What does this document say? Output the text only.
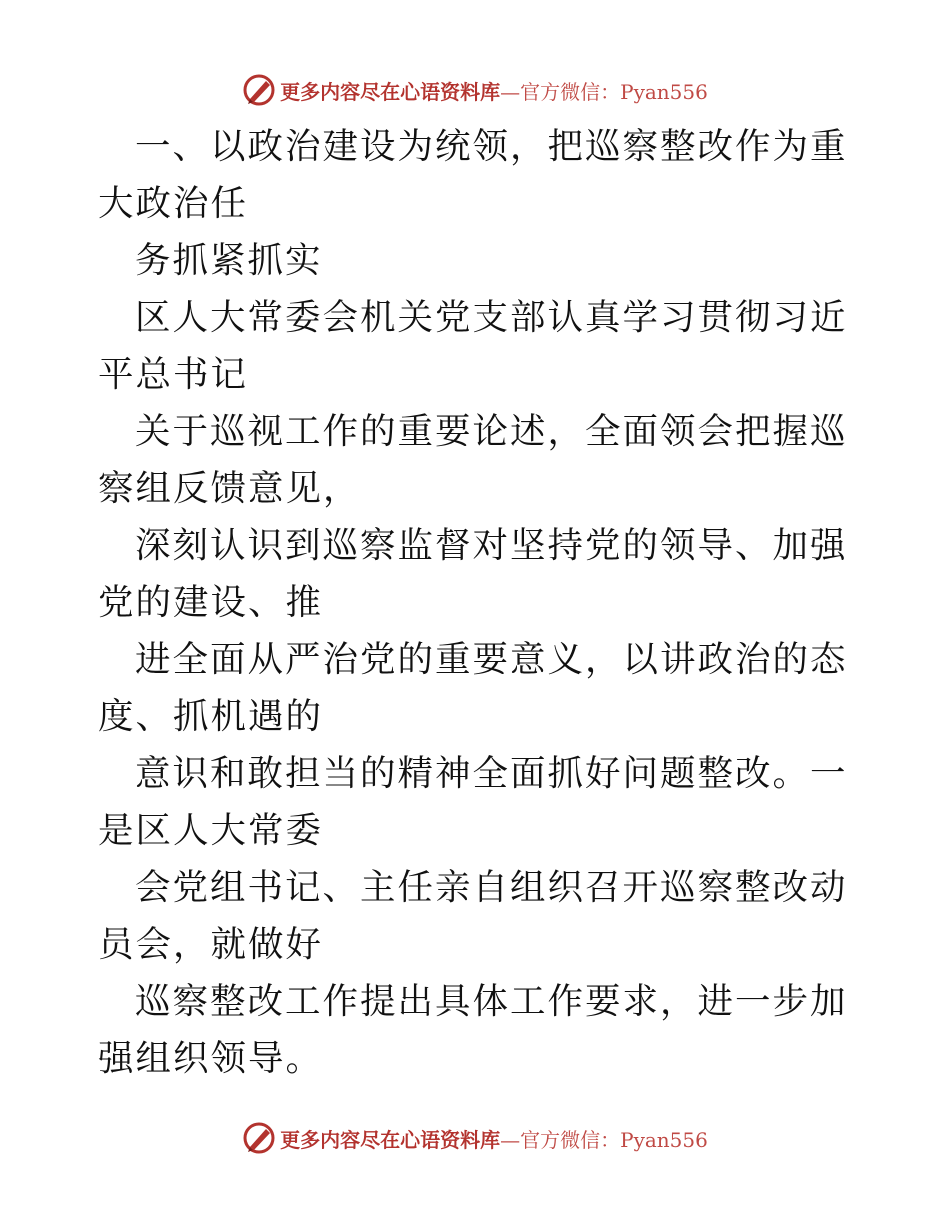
更多内容尽在心语资料库—官方微信：Pyan556

一、以政治建设为统领，把巡察整改作为重大政治任

务抓紧抓实

区人大常委会机关党支部认真学习贯彻习近平总书记

关于巡视工作的重要论述，全面领会把握巡察组反馈意见，

深刻认识到巡察监督对坚持党的领导、加强党的建设、推

进全面从严治党的重要意义，以讲政治的态度、抓机遇的

意识和敢担当的精神全面抓好问题整改。一是区人大常委

会党组书记、主任亲自组织召开巡察整改动员会，就做好

巡察整改工作提出具体工作要求，进一步加强组织领导。

更多内容尽在心语资料库—官方微信：Pyan556
